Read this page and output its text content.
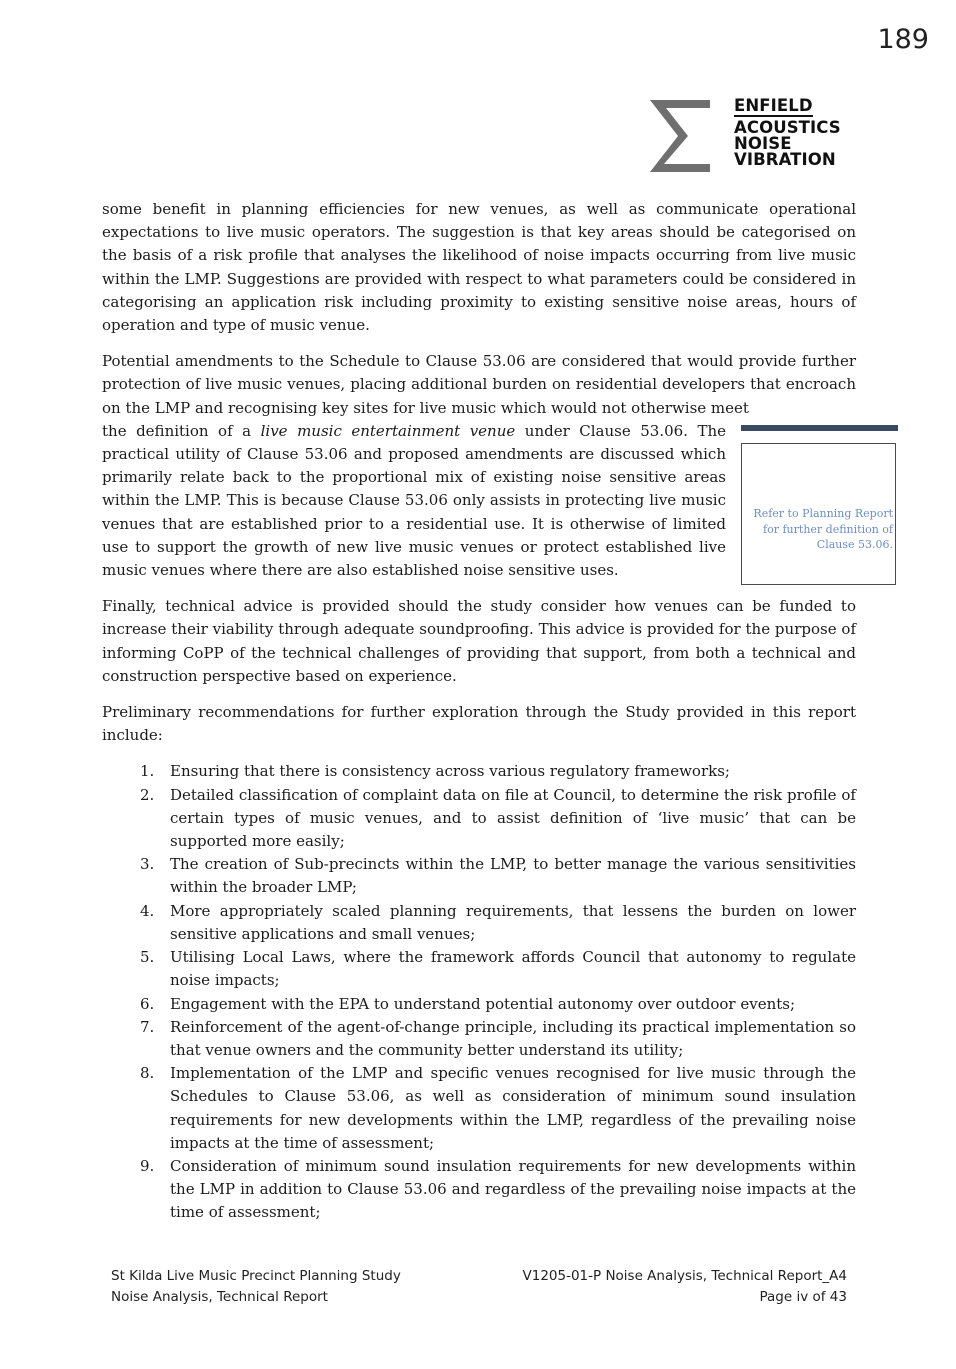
189
ENFIELD
ACOUSTICS
NOISE
VIBRATION

some benefit in planning efficiencies for new venues, as well as communicate operational expectations to live music operators. The suggestion is that key areas should be categorised on the basis of a risk profile that analyses the likelihood of noise impacts occurring from live music within the LMP. Suggestions are provided with respect to what parameters could be considered in categorising an application risk including proximity to existing sensitive noise areas, hours of operation and type of music venue.

Potential amendments to the Schedule to Clause 53.06 are considered that would provide further protection of live music venues, placing additional burden on residential developers that encroach on the LMP and recognising key sites for live music which would not otherwise meet

the definition of a live music entertainment venue under Clause 53.06. The practical utility of Clause 53.06 and proposed amendments are discussed which primarily relate back to the proportional mix of existing noise sensitive areas within the LMP. This is because Clause 53.06 only assists in protecting live music venues that are established prior to a residential use. It is otherwise of limited use to support the growth of new live music venues or protect established live music venues where there are also established noise sensitive uses.

Finally, technical advice is provided should the study consider how venues can be funded to increase their viability through adequate soundproofing. This advice is provided for the purpose of informing CoPP of the technical challenges of providing that support, from both a technical and construction perspective based on experience.

Preliminary recommendations for further exploration through the Study provided in this report include:

1. Ensuring that there is consistency across various regulatory frameworks;
2. Detailed classification of complaint data on file at Council, to determine the risk profile of certain types of music venues, and to assist definition of ‘live music’ that can be supported more easily;
3. The creation of Sub-precincts within the LMP, to better manage the various sensitivities within the broader LMP;
4. More appropriately scaled planning requirements, that lessens the burden on lower sensitive applications and small venues;
5. Utilising Local Laws, where the framework affords Council that autonomy to regulate noise impacts;
6. Engagement with the EPA to understand potential autonomy over outdoor events;
7. Reinforcement of the agent-of-change principle, including its practical implementation so that venue owners and the community better understand its utility;
8. Implementation of the LMP and specific venues recognised for live music through the Schedules to Clause 53.06, as well as consideration of minimum sound insulation requirements for new developments within the LMP, regardless of the prevailing noise impacts at the time of assessment;
9. Consideration of minimum sound insulation requirements for new developments within the LMP in addition to Clause 53.06 and regardless of the prevailing noise impacts at the time of assessment;
Refer to Planning Report for further definition of Clause 53.06.
St Kilda Live Music Precinct Planning Study
Noise Analysis, Technical Report
V1205-01-P Noise Analysis, Technical Report_A4
Page iv of 43
